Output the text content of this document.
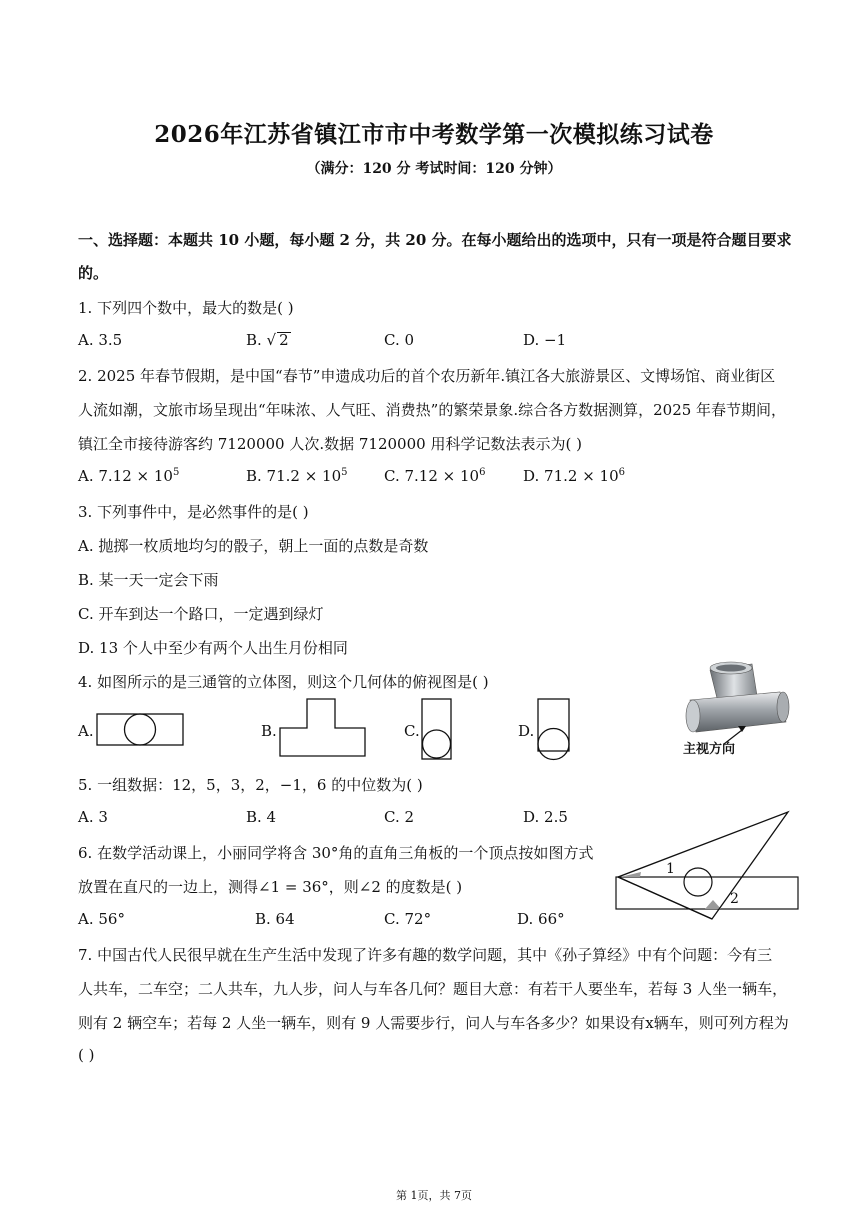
2026年江苏省镇江市市中考数学第一次模拟练习试卷
（满分：120 分 考试时间：120 分钟）
一、选择题：本题共 10 小题，每小题 2 分，共 20 分。在每小题给出的选项中，只有一项是符合题目要求
的。
1. 下列四个数中，最大的数是( )
A. 3.5	B. √ 2	C. 0	D. −1
2. 2025 年春节假期，是中国“春节”申遗成功后的首个农历新年.镇江各大旅游景区、文博场馆、商业街区
人流如潮，文旅市场呈现出“年味浓、人气旺、消费热”的繁荣景象.综合各方数据测算，2025 年春节期间，
镇江全市接待游客约 7120000 人次.数据 7120000 用科学记数法表示为( )
A. $7.12 \times 10^5$	B. $71.2 \times 10^5$ C. $7.12 \times 10^6$	D. $71.2 \times 10^6$
3. 下列事件中，是必然事件的是( )
A. 抛掷一枚质地均匀的骰子，朝上一面的点数是奇数
B. 某一天一定会下雨
C. 开车到达一个路口，一定遇到绿灯
D. 13 个人中至少有两个人出生月份相同
4. 如图所示的是三通管的立体图，则这个几何体的俯视图是( )
A.	B.	C.	D.
主视方向
5. 一组数据：12，5，3，2，−1，6 的中位数为( )
A. 3	B. 4	C. 2	D. 2.5
6. 在数学活动课上，小丽同学将含 30°角的直角三角板的一个顶点按如图方式
放置在直尺的一边上，测得∠1 = 36°，则∠2 的度数是( )
A. 56°	B. 64	C. 72°	D. 66°
1
2
7. 中国古代人民很早就在生产生活中发现了许多有趣的数学问题，其中《孙子算经》中有个问题：今有三
人共车，二车空；二人共车，九人步，问人与车各几何？题目大意：有若干人要坐车，若每 3 人坐一辆车，
则有 2 辆空车；若每 2 人坐一辆车，则有 9 人需要步行，问人与车各多少？如果设有x辆车，则可列方程为
( )
第 1页，共 7页
